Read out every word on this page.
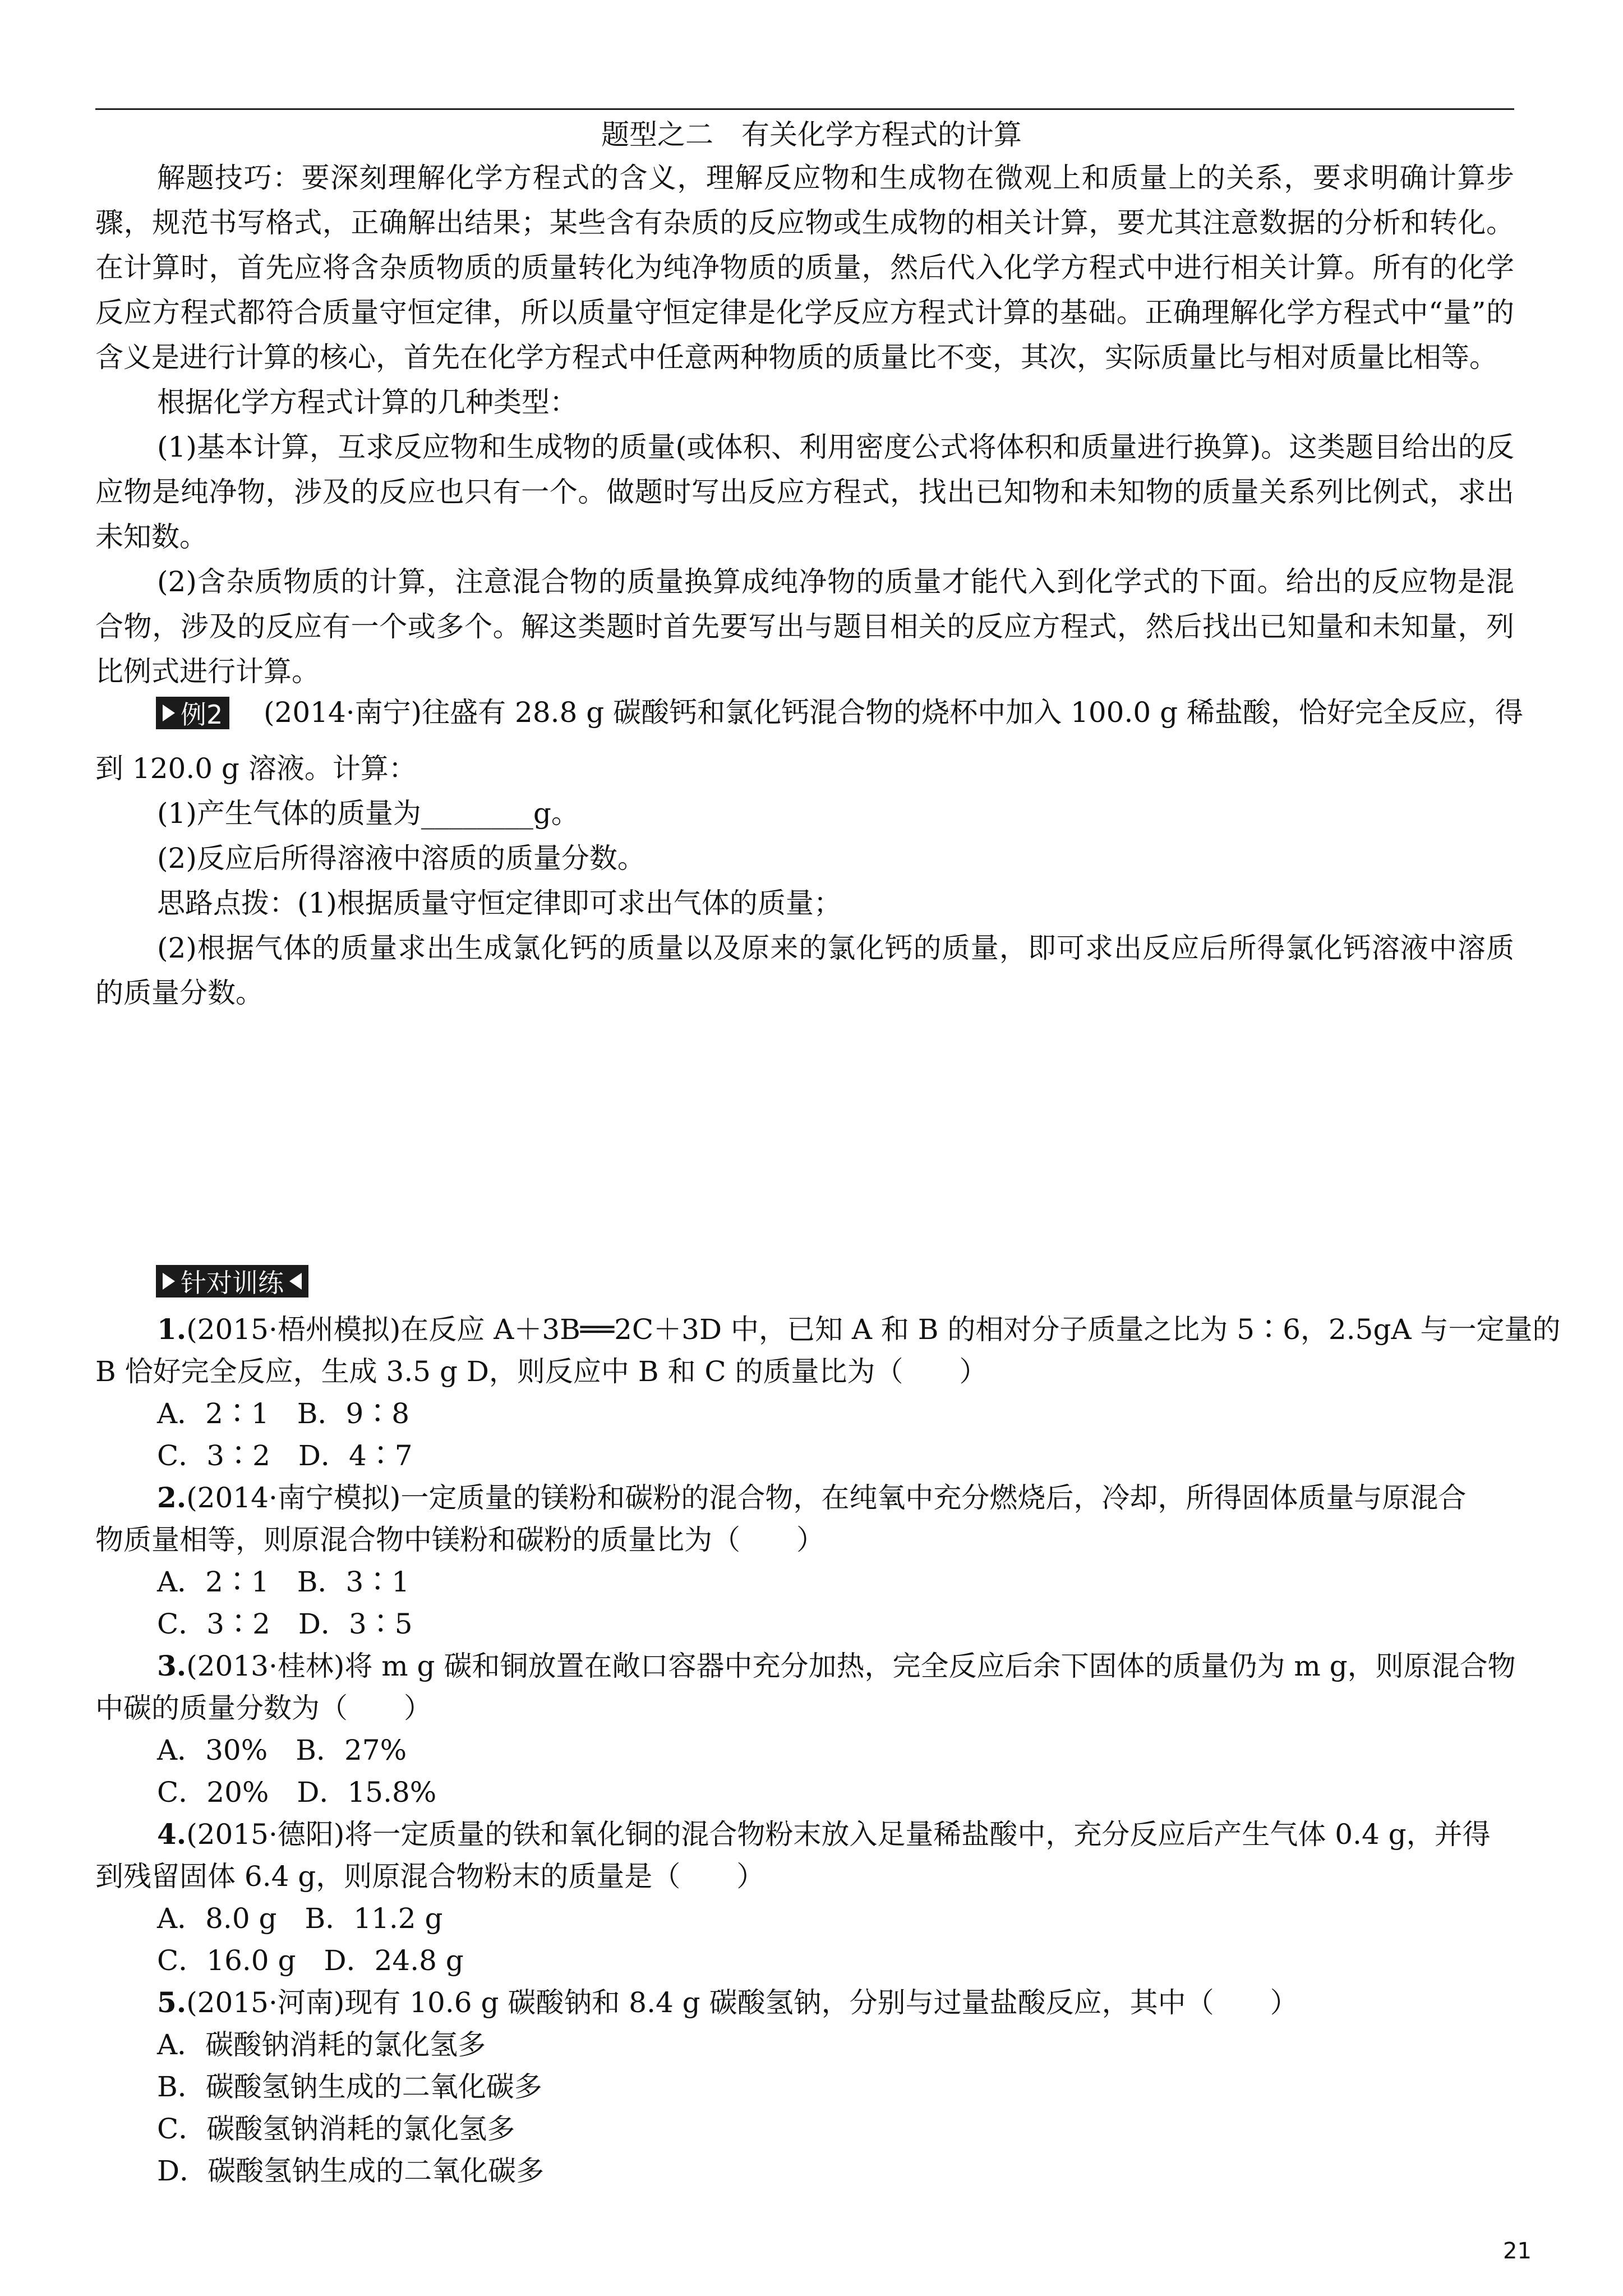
题型之二　有关化学方程式的计算
解题技巧：要深刻理解化学方程式的含义，理解反应物和生成物在微观上和质量上的关系，要求明确计算步骤，规范书写格式，正确解出结果；某些含有杂质的反应物或生成物的相关计算，要尤其注意数据的分析和转化。在计算时，首先应将含杂质物质的质量转化为纯净物质的质量，然后代入化学方程式中进行相关计算。所有的化学反应方程式都符合质量守恒定律，所以质量守恒定律是化学反应方程式计算的基础。正确理解化学方程式中“量”的含义是进行计算的核心，首先在化学方程式中任意两种物质的质量比不变，其次，实际质量比与相对质量比相等。
根据化学方程式计算的几种类型：
(1)基本计算，互求反应物和生成物的质量(或体积、利用密度公式将体积和质量进行换算)。这类题目给出的反应物是纯净物，涉及的反应也只有一个。做题时写出反应方程式，找出已知物和未知物的质量关系列比例式，求出未知数。
(2)含杂质物质的计算，注意混合物的质量换算成纯净物的质量才能代入到化学式的下面。给出的反应物是混合物，涉及的反应有一个或多个。解这类题时首先要写出与题目相关的反应方程式，然后找出已知量和未知量，列比例式进行计算。
例2 (2014·南宁)往盛有 28.8 g 碳酸钙和氯化钙混合物的烧杯中加入 100.0 g 稀盐酸，恰好完全反应，得
到 120.0 g 溶液。计算：
(1)产生气体的质量为________g。
(2)反应后所得溶液中溶质的质量分数。
思路点拨：(1)根据质量守恒定律即可求出气体的质量；
(2)根据气体的质量求出生成氯化钙的质量以及原来的氯化钙的质量，即可求出反应后所得氯化钙溶液中溶质的质量分数。
针对训练
1.(2015·梧州模拟)在反应 A＋3B══2C＋3D 中，已知 A 和 B 的相对分子质量之比为 5∶6，2.5gA 与一定量的
B 恰好完全反应，生成 3.5 g D，则反应中 B 和 C 的质量比为（　　）
A．2∶1　B．9∶8
C．3∶2　D．4∶7
2.(2014·南宁模拟)一定质量的镁粉和碳粉的混合物，在纯氧中充分燃烧后，冷却，所得固体质量与原混合
物质量相等，则原混合物中镁粉和碳粉的质量比为（　　）
A．2∶1　B．3∶1
C．3∶2　D．3∶5
3.(2013·桂林)将 m g 碳和铜放置在敞口容器中充分加热，完全反应后余下固体的质量仍为 m g，则原混合物
中碳的质量分数为（　　）
A．30%　B．27%
C．20%　D．15.8%
4.(2015·德阳)将一定质量的铁和氧化铜的混合物粉末放入足量稀盐酸中，充分反应后产生气体 0.4 g，并得
到残留固体 6.4 g，则原混合物粉末的质量是（　　）
A．8.0 g　B．11.2 g
C．16.0 g　D．24.8 g
5.(2015·河南)现有 10.6 g 碳酸钠和 8.4 g 碳酸氢钠，分别与过量盐酸反应，其中（　　）
A．碳酸钠消耗的氯化氢多
B．碳酸氢钠生成的二氧化碳多
C．碳酸氢钠消耗的氯化氢多
D．碳酸氢钠生成的二氧化碳多
21
